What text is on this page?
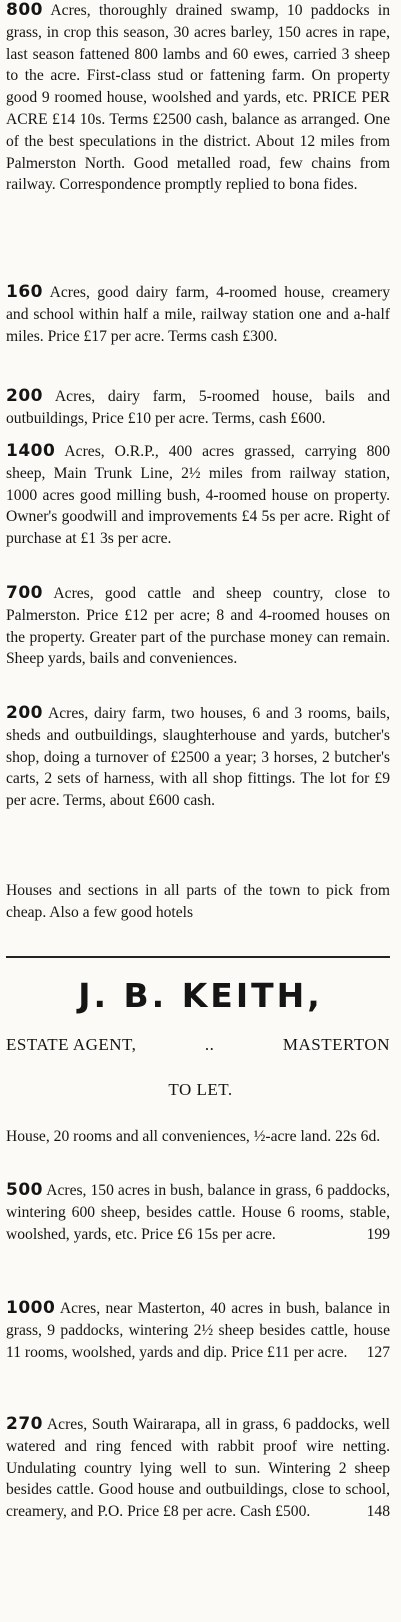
800 Acres, thoroughly drained swamp, 10 paddocks in grass, in crop this season, 30 acres barley, 150 acres in rape, last season fattened 800 lambs and 60 ewes, carried 3 sheep to the acre. First-class stud or fattening farm. On property good 9 roomed house, woolshed and yards, etc. PRICE PER ACRE £14 10s. Terms £2500 cash, balance as arranged. One of the best speculations in the district. About 12 miles from Palmerston North. Good metalled road, few chains from railway. Correspondence promptly replied to bona fides.
160 Acres, good dairy farm, 4-roomed house, creamery and school within half a mile, railway station one and a-half miles. Price £17 per acre. Terms cash £300.
200 Acres, dairy farm, 5-roomed house, bails and outbuildings, Price £10 per acre. Terms, cash £600.
1400 Acres, O.R.P., 400 acres grassed, carrying 800 sheep, Main Trunk Line, 2½ miles from railway station, 1000 acres good milling bush, 4-roomed house on property. Owner's goodwill and improvements £4 5s per acre. Right of purchase at £1 3s per acre.
700 Acres, good cattle and sheep country, close to Palmerston. Price £12 per acre; 8 and 4-roomed houses on the property. Greater part of the purchase money can remain. Sheep yards, bails and conveniences.
200 Acres, dairy farm, two houses, 6 and 3 rooms, bails, sheds and outbuildings, slaughterhouse and yards, butcher's shop, doing a turnover of £2500 a year; 3 horses, 2 butcher's carts, 2 sets of harness, with all shop fittings. The lot for £9 per acre. Terms, about £600 cash.
Houses and sections in all parts of the town to pick from cheap. Also a few good hotels
J. B. KEITH,
ESTATE AGENT,	..	MASTERTON
TO LET.
House, 20 rooms and all conveniences, ½-acre land. 22s 6d.
500 Acres, 150 acres in bush, balance in grass, 6 paddocks, wintering 600 sheep, besides cattle. House 6 rooms, stable, woolshed, yards, etc. Price £6 15s per acre.	199
1000 Acres, near Masterton, 40 acres in bush, balance in grass, 9 paddocks, wintering 2½ sheep besides cattle, house 11 rooms, woolshed, yards and dip. Price £11 per acre. 127
270 Acres, South Wairarapa, all in grass, 6 paddocks, well watered and ring fenced with rabbit proof wire netting. Undulating country lying well to sun. Wintering 2 sheep besides cattle. Good house and outbuildings, close to school, creamery, and P.O. Price £8 per acre. Cash £500.	148
